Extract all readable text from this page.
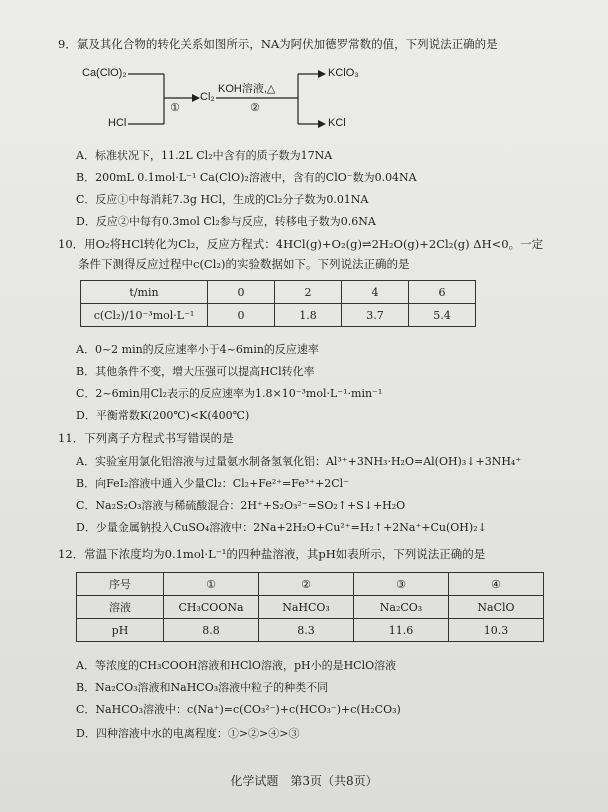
9．氯及其化合物的转化关系如图所示，NA为阿伏加德罗常数的值，下列说法正确的是
Ca(ClO)₂
HCl
①
Cl₂
KOH溶液,△
②
KClO₃
KCl
A．标准状况下，11.2L Cl₂中含有的质子数为17NA
B．200mL 0.1mol·L⁻¹ Ca(ClO)₂溶液中，含有的ClO⁻数为0.04NA
C．反应①中每消耗7.3g HCl，生成的Cl₂分子数为0.01NA
D．反应②中每有0.3mol Cl₂参与反应，转移电子数为0.6NA
10．用O₂将HCl转化为Cl₂，反应方程式：4HCl(g)+O₂(g)⇌2H₂O(g)+2Cl₂(g) ΔH<0。一定
条件下测得反应过程中c(Cl₂)的实验数据如下。下列说法正确的是
t/min	0	2	4	6
c(Cl₂)/10⁻³mol·L⁻¹	0	1.8	3.7	5.4
A．0~2 min的反应速率小于4~6min的反应速率
B．其他条件不变，增大压强可以提高HCl转化率
C．2~6min用Cl₂表示的反应速率为1.8×10⁻³mol·L⁻¹·min⁻¹
D．平衡常数K(200℃)<K(400℃)
11．下列离子方程式书写错误的是
A．实验室用氯化铝溶液与过量氨水制备氢氧化铝：Al³⁺+3NH₃·H₂O=Al(OH)₃↓+3NH₄⁺
B．向FeI₂溶液中通入少量Cl₂：Cl₂+Fe²⁺=Fe³⁺+2Cl⁻
C．Na₂S₂O₃溶液与稀硫酸混合：2H⁺+S₂O₃²⁻=SO₂↑+S↓+H₂O
D．少量金属钠投入CuSO₄溶液中：2Na+2H₂O+Cu²⁺=H₂↑+2Na⁺+Cu(OH)₂↓
12．常温下浓度均为0.1mol·L⁻¹的四种盐溶液，其pH如表所示，下列说法正确的是
序号	①	②	③	④
溶液	CH₃COONa	NaHCO₃	Na₂CO₃	NaClO
pH	8.8	8.3	11.6	10.3
A．等浓度的CH₃COOH溶液和HClO溶液，pH小的是HClO溶液
B．Na₂CO₃溶液和NaHCO₃溶液中粒子的种类不同
C．NaHCO₃溶液中：c(Na⁺)=c(CO₃²⁻)+c(HCO₃⁻)+c(H₂CO₃)
D．四种溶液中水的电离程度：①>②>④>③
化学试题　第3页（共8页）
